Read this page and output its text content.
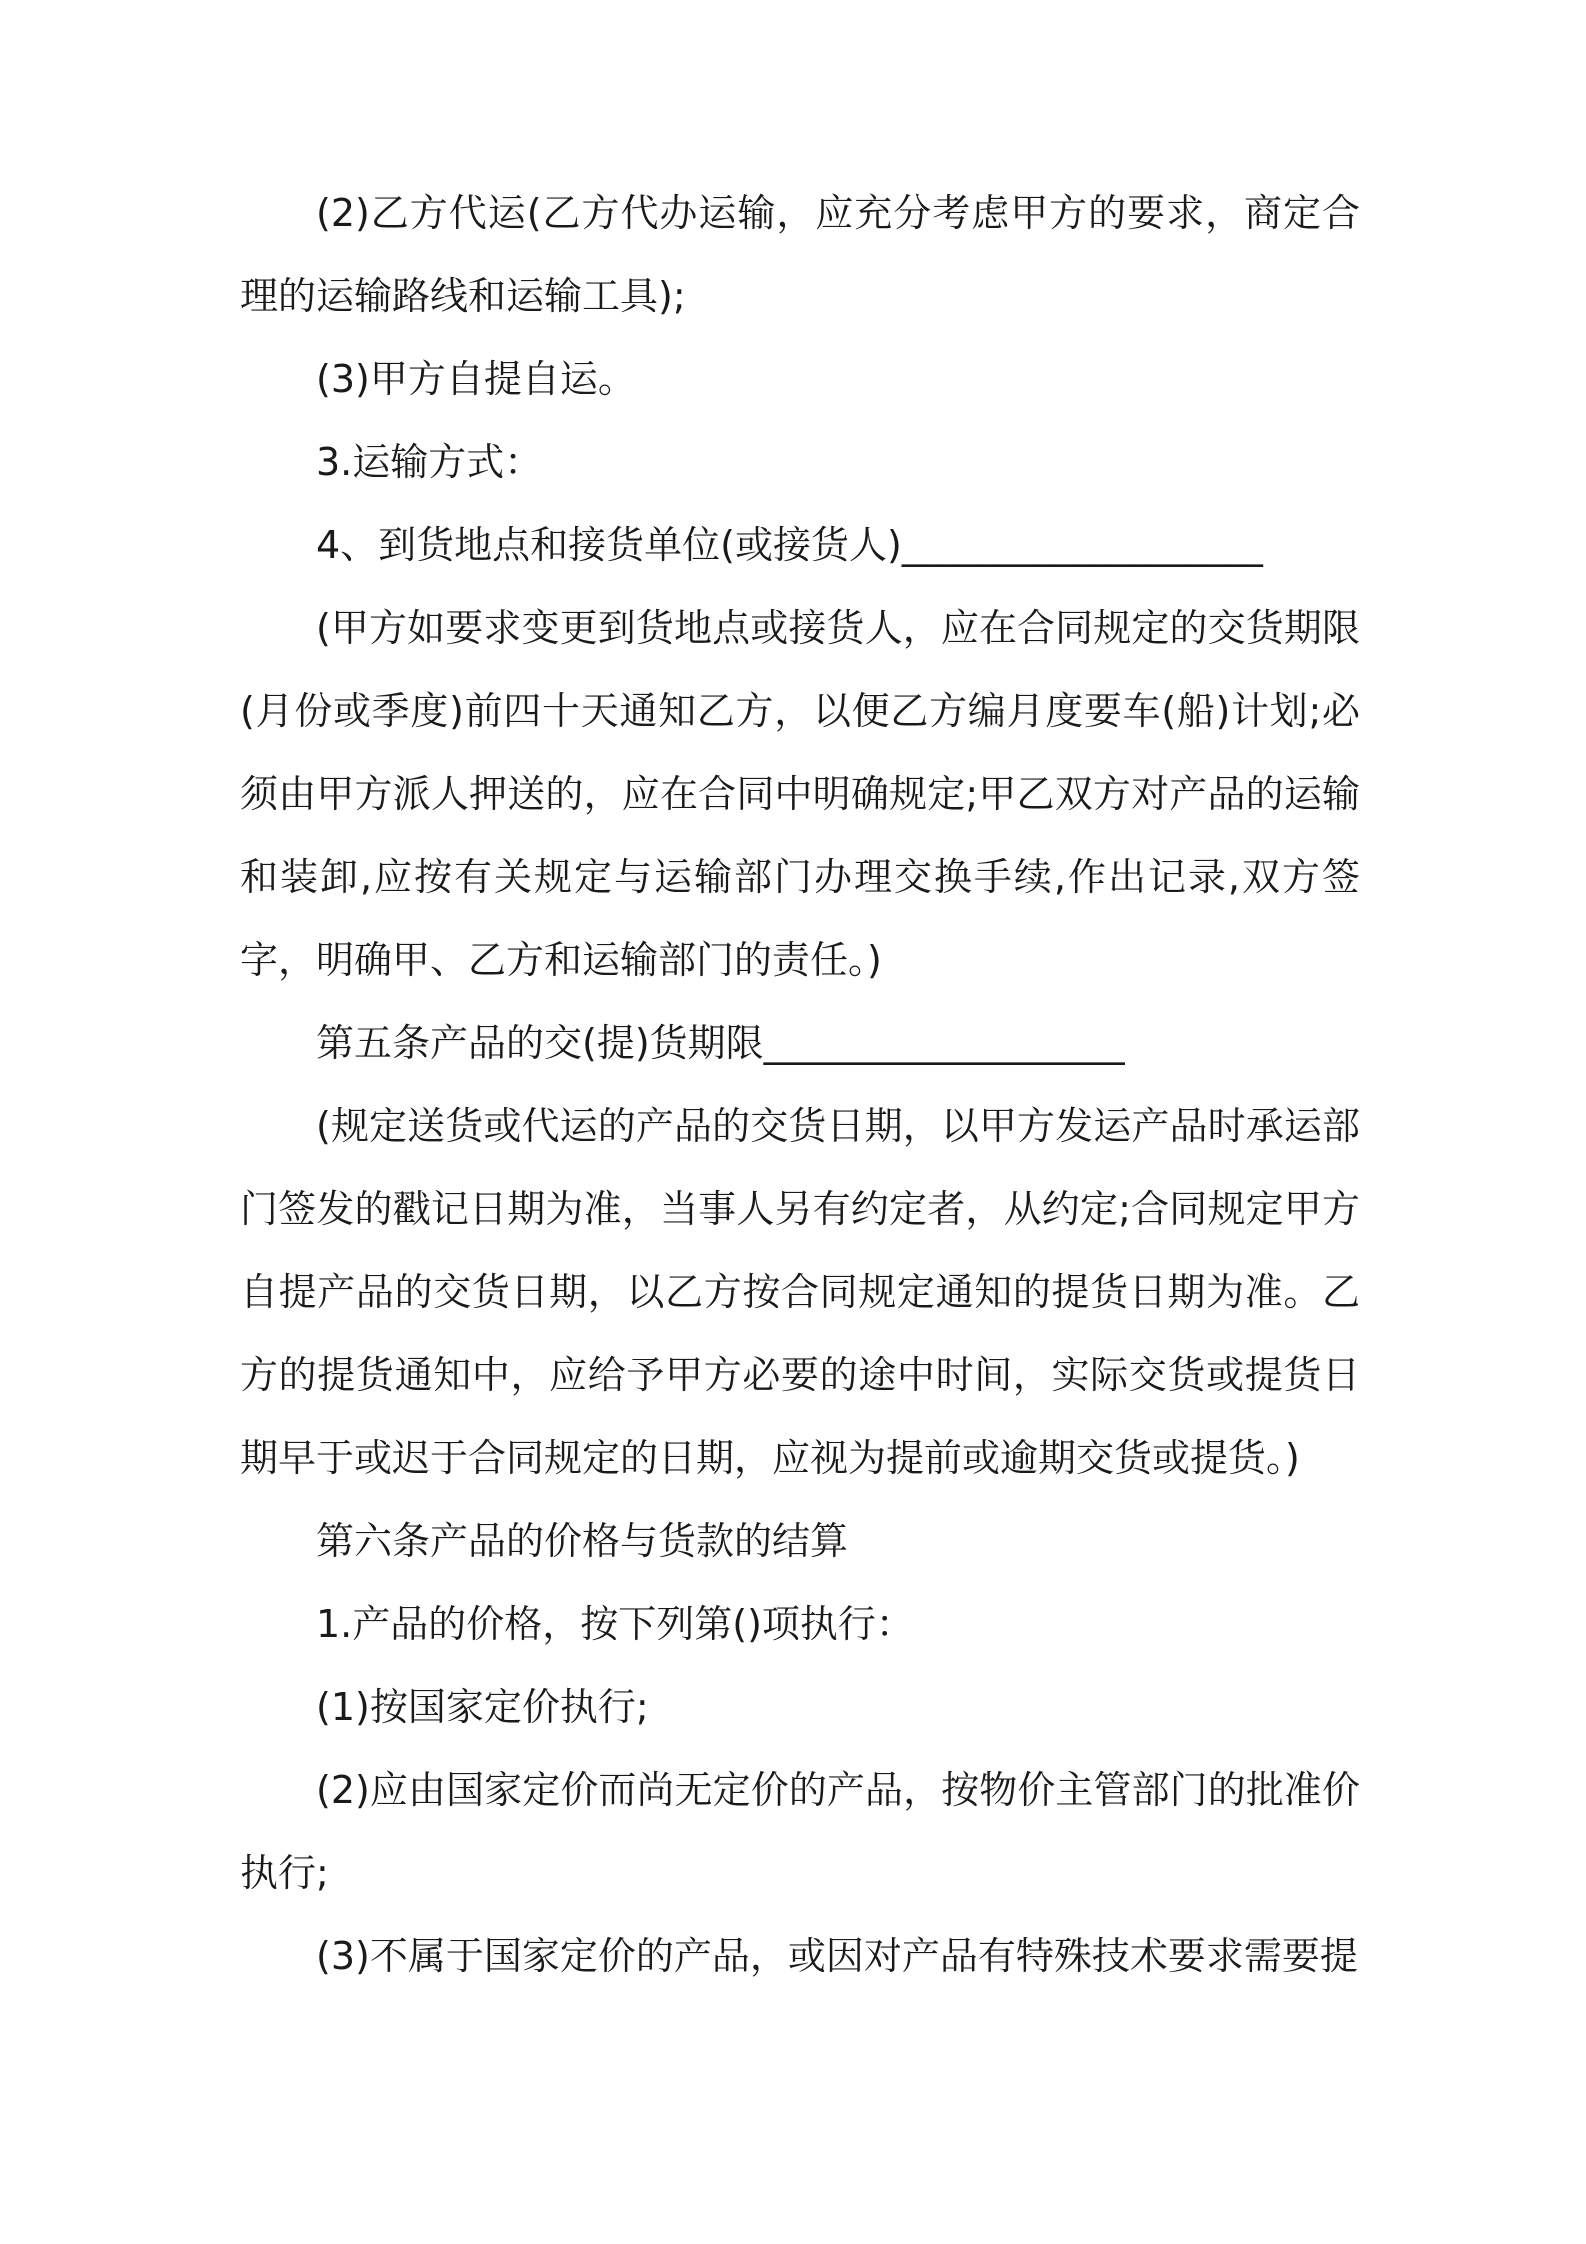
(2)乙方代运(乙方代办运输，应充分考虑甲方的要求，商定合理的运输路线和运输工具);

(3)甲方自提自运。

3.运输方式：

4、到货地点和接货单位(或接货人)___________________

(甲方如要求变更到货地点或接货人，应在合同规定的交货期限(月份或季度)前四十天通知乙方，以便乙方编月度要车(船)计划;必须由甲方派人押送的，应在合同中明确规定;甲乙双方对产品的运输和装卸,应按有关规定与运输部门办理交换手续,作出记录,双方签字，明确甲、乙方和运输部门的责任。)

第五条产品的交(提)货期限___________________

(规定送货或代运的产品的交货日期，以甲方发运产品时承运部门签发的戳记日期为准，当事人另有约定者，从约定;合同规定甲方自提产品的交货日期，以乙方按合同规定通知的提货日期为准。乙方的提货通知中，应给予甲方必要的途中时间，实际交货或提货日期早于或迟于合同规定的日期，应视为提前或逾期交货或提货。)

第六条产品的价格与货款的结算

1.产品的价格，按下列第()项执行：

(1)按国家定价执行;

(2)应由国家定价而尚无定价的产品，按物价主管部门的批准价执行;

(3)不属于国家定价的产品，或因对产品有特殊技术要求需要提
